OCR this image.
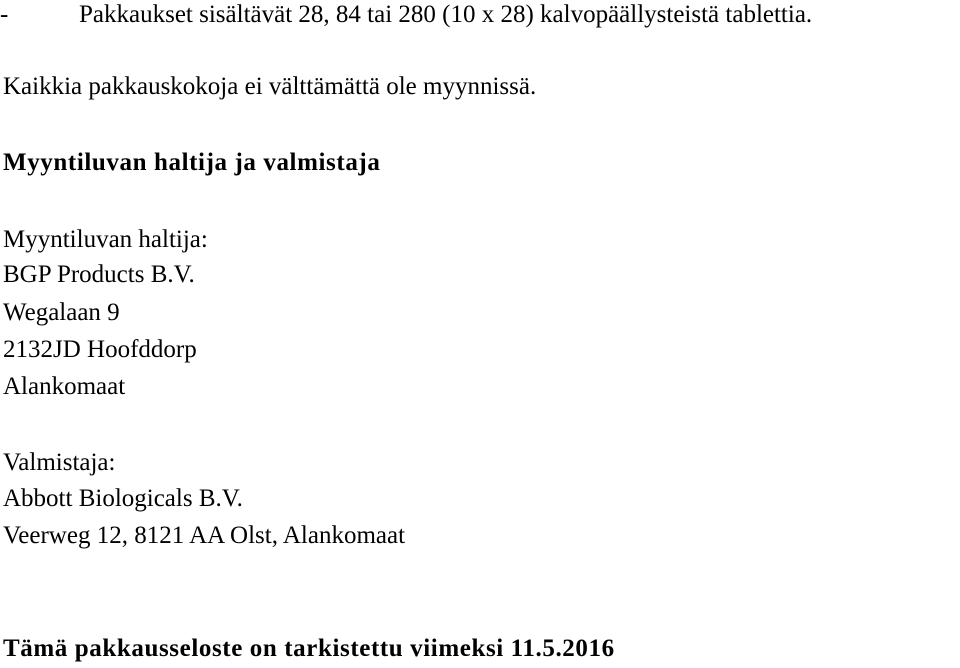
-	Pakkaukset sisältävät 28, 84 tai 280 (10 x 28) kalvopäällysteistä tablettia.
Kaikkia pakkauskokoja ei välttämättä ole myynnissä.
Myyntiluvan haltija ja valmistaja
Myyntiluvan haltija:
BGP Products B.V.
Wegalaan 9
2132JD Hoofddorp
Alankomaat
Valmistaja:
Abbott Biologicals B.V.
Veerweg 12, 8121 AA Olst, Alankomaat
Tämä pakkausseloste on tarkistettu viimeksi 11.5.2016
